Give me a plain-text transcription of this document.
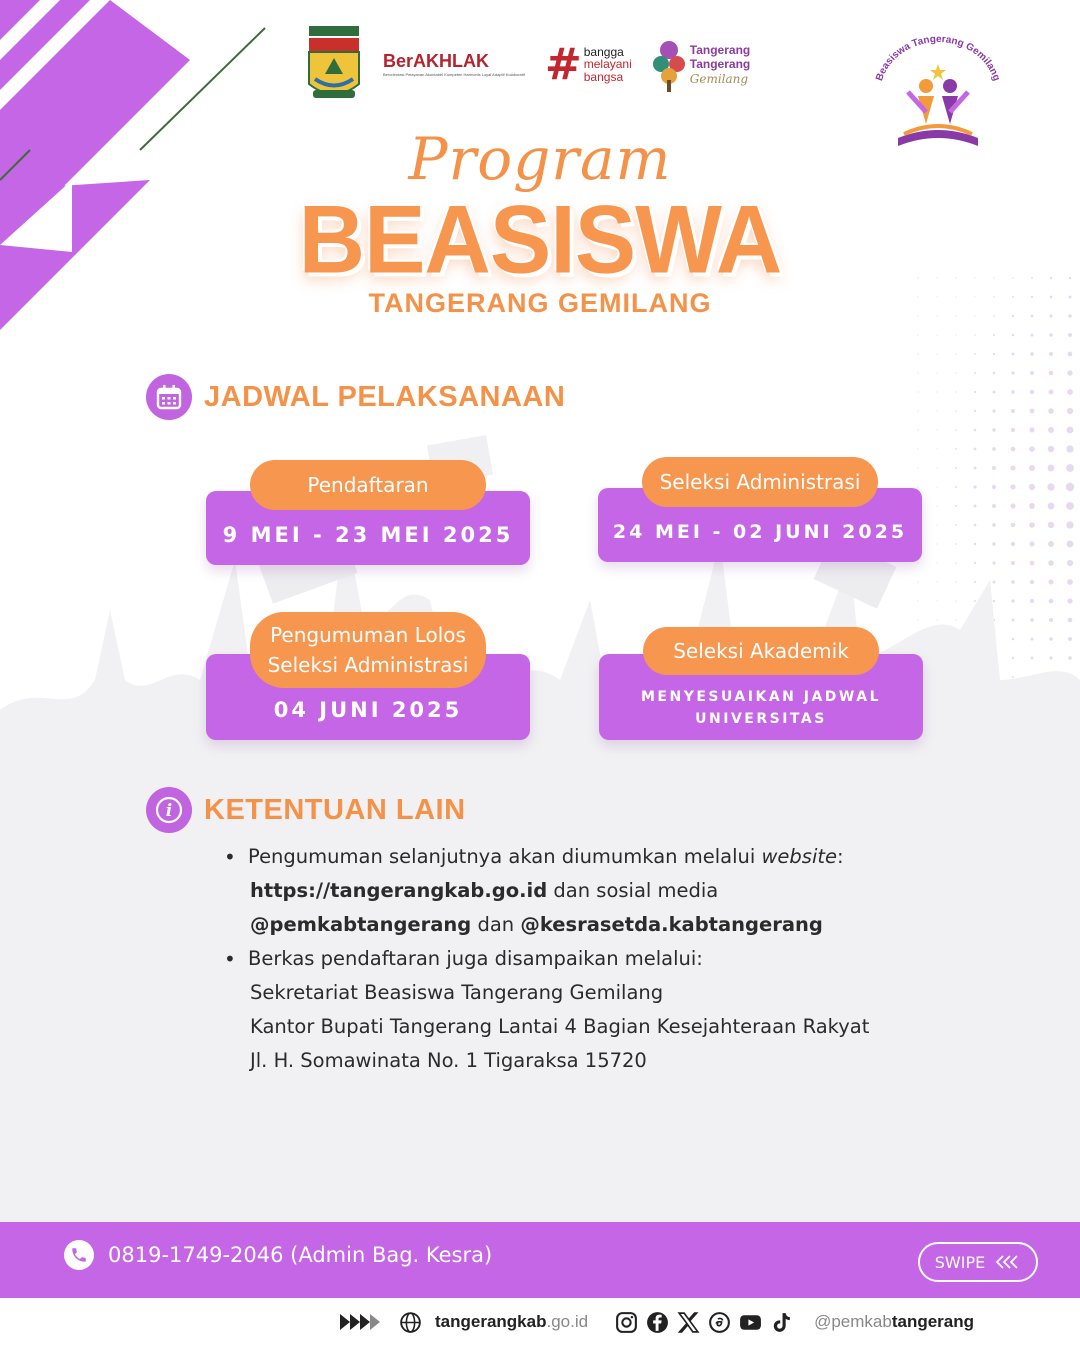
BerAKHLAK
Berorientasi Pelayanan Akuntabel Kompeten Harmonis Loyal Adaptif Kolaboratif # bangga
melayani
bangsa
Tangerang
Tangerang
Gemilang	Beasiswa Tangerang Gemilang
Program
BEASISWA
TANGERANG GEMILANG
JADWAL PELAKSANAAN
9 MEI - 23 MEI 2025
Pendaftaran
24 MEI - 02 JUNI 2025
Seleksi Administrasi
04 JUNI 2025
Pengumuman Lolos
Seleksi Administrasi
MENYESUAIKAN JADWAL
UNIVERSITAS
Seleksi Akademik
i KETENTUAN LAIN
• Pengumuman selanjutnya akan diumumkan melalui website:
https://tangerangkab.go.id dan sosial media
@pemkabtangerang dan @kesrasetda.kabtangerang
• Berkas pendaftaran juga disampaikan melalui:
Sekretariat Beasiswa Tangerang Gemilang
Kantor Bupati Tangerang Lantai 4 Bagian Kesejahteraan Rakyat
Jl. H. Somawinata No. 1 Tigaraksa 15720
0819-1749-2046 (Admin Bag. Kesra)	SWIPE
tangerangkab.go.id	@pemkabtangerang
